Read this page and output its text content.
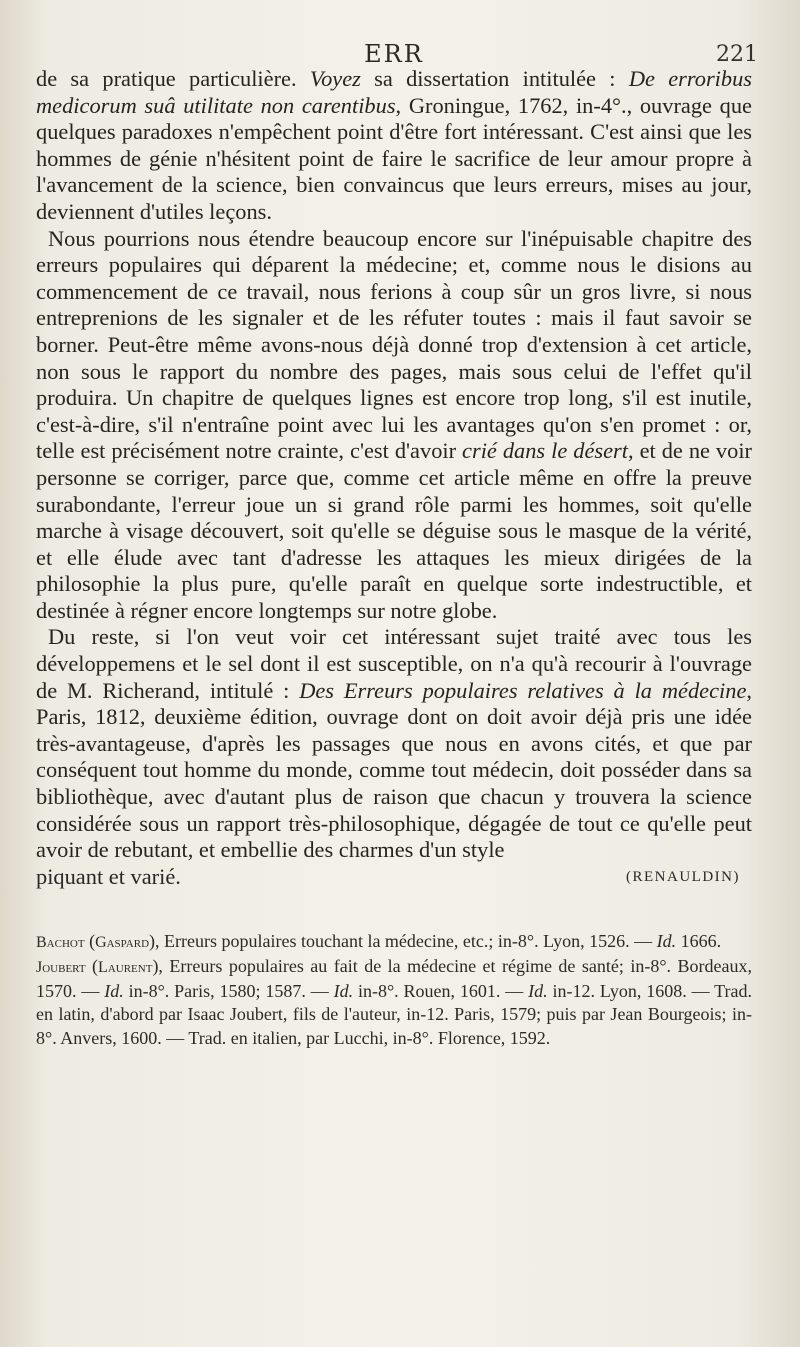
ERR	221

de sa pratique particulière. Voyez sa dissertation intitulée : De erroribus medicorum suâ utilitate non carentibus, Groningue, 1762, in-4°., ouvrage que quelques paradoxes n'empêchent point d'être fort intéressant. C'est ainsi que les hommes de génie n'hésitent point de faire le sacrifice de leur amour propre à l'avancement de la science, bien convaincus que leurs erreurs, mises au jour, deviennent d'utiles leçons.

Nous pourrions nous étendre beaucoup encore sur l'inépuisable chapitre des erreurs populaires qui déparent la médecine; et, comme nous le disions au commencement de ce travail, nous ferions à coup sûr un gros livre, si nous entreprenions de les signaler et de les réfuter toutes : mais il faut savoir se borner. Peut-être même avons-nous déjà donné trop d'extension à cet article, non sous le rapport du nombre des pages, mais sous celui de l'effet qu'il produira. Un chapitre de quelques lignes est encore trop long, s'il est inutile, c'est-à-dire, s'il n'entraîne point avec lui les avantages qu'on s'en promet : or, telle est précisément notre crainte, c'est d'avoir crié dans le désert, et de ne voir personne se corriger, parce que, comme cet article même en offre la preuve surabondante, l'erreur joue un si grand rôle parmi les hommes, soit qu'elle marche à visage découvert, soit qu'elle se déguise sous le masque de la vérité, et elle élude avec tant d'adresse les attaques les mieux dirigées de la philosophie la plus pure, qu'elle paraît en quelque sorte indestructible, et destinée à régner encore longtemps sur notre globe.

Du reste, si l'on veut voir cet intéressant sujet traité avec tous les développemens et le sel dont il est susceptible, on n'a qu'à recourir à l'ouvrage de M. Richerand, intitulé : Des Erreurs populaires relatives à la médecine, Paris, 1812, deuxième édition, ouvrage dont on doit avoir déjà pris une idée très-avantageuse, d'après les passages que nous en avons cités, et que par conséquent tout homme du monde, comme tout médecin, doit posséder dans sa bibliothèque, avec d'autant plus de raison que chacun y trouvera la science considérée sous un rapport très-philosophique, dégagée de tout ce qu'elle peut avoir de rebutant, et embellie des charmes d'un style

piquant et varié.	(RENAULDIN)

Bachot (Gaspard), Erreurs populaires touchant la médecine, etc.; in-8°. Lyon, 1526. — Id. 1666.

Joubert (Laurent), Erreurs populaires au fait de la médecine et régime de santé; in-8°. Bordeaux, 1570. — Id. in-8°. Paris, 1580; 1587. — Id. in-8°. Rouen, 1601. — Id. in-12. Lyon, 1608. — Trad. en latin, d'abord par Isaac Joubert, fils de l'auteur, in-12. Paris, 1579; puis par Jean Bourgeois; in-8°. Anvers, 1600. — Trad. en italien, par Lucchi, in-8°. Florence, 1592.
